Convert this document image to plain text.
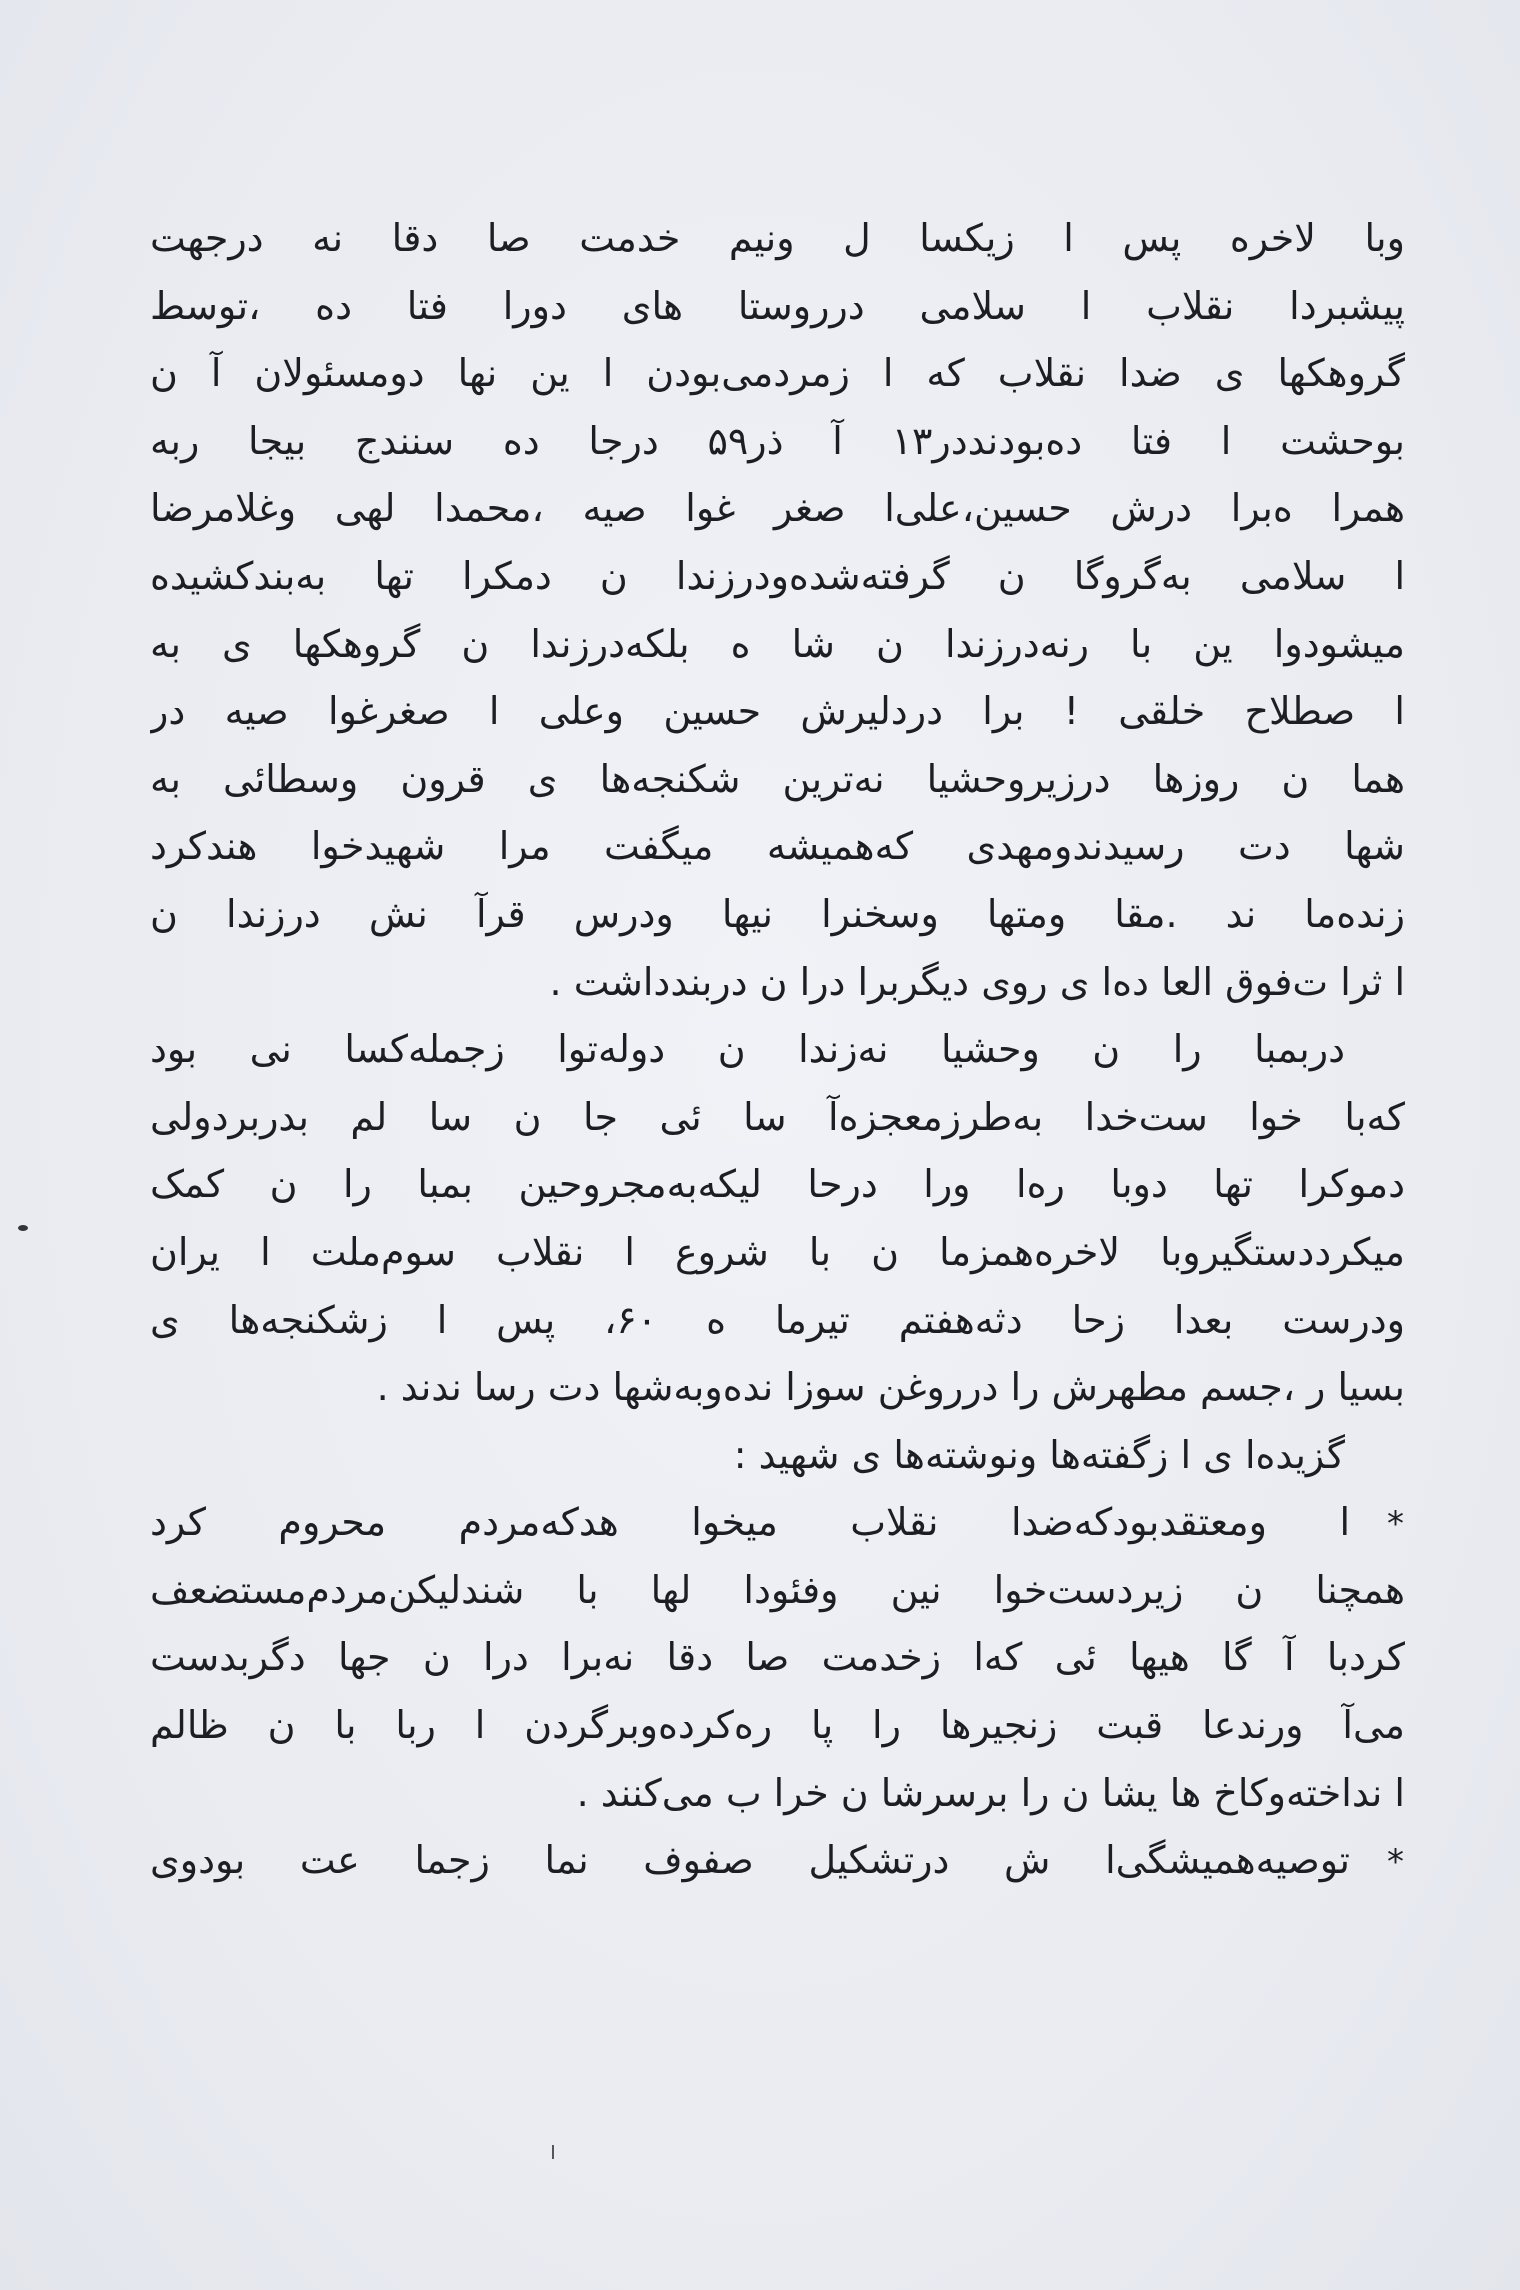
وبا لاخره پس ا زیکسا ل ونیم خدمت صا دقا نه درجهت
پیشبردا نقلاب ا سلامی درروستا های دورا فتا ده ،توسط
گروهکها ی ضدا نقلاب که ا زمردمی‌بودن ا ین نها دومسئولان آ ن
بوحشت ا فتا ده‌بودنددر۱۳ آ ذر۵۹ درجا ده سنندج بیجا ربه
همرا ه‌برا درش حسین،علی‌ا صغر غوا صیه ،محمدا لهی وغلامرضا
ا سلامی به‌گروگا ن گرفته‌شده‌ودرزندا ن دمکرا تها به‌بندکشیده
میشودوا ین با رنه‌درزندا ن شا ه بلکه‌درزندا ن گروهکها ی به
ا صطلاح خلقی ! برا دردلیرش حسین وعلی ا صغرغوا صیه در
هما ن روزها درزیروحشیا نه‌ترین شکنجه‌ها ی قرون وسطائی به
شها دت رسیدندومهدی که‌همیشه میگفت مرا شهیدخوا هندکرد
زنده‌ما ند .مقا ومتها وسخنرا نیها ودرس قرآ نش درزندا ن
ا ثرا ت‌فوق العا ده‌ا ی روی دیگربرا درا ن دربندداشت .
دربمبا را ن وحشیا نه‌زندا ن دوله‌توا زجمله‌کسا نی بود
که‌با خوا ست‌خدا به‌طرزمعجزه‌آ سا ئی جا ن سا لم بدربردولی
دموکرا تها دوبا ره‌ا ورا درحا لیکه‌به‌مجروحین بمبا را ن کمک
میکرددستگیروبا لاخره‌همزما ن با شروع ا نقلاب سوم‌ملت ا یران
ودرست بعدا زحا دثه‌هفتم تیرما ه ۶۰، پس ا زشکنجه‌ها ی
بسیا ر ،جسم مطهرش را درروغن سوزا نده‌وبه‌شها دت رسا ندند .
گزیده‌ا ی ا زگفته‌ها ونوشته‌ها ی شهید :
*ا ومعتقدبودکه‌ضدا نقلاب میخوا هدکه‌مردم محروم کرد
همچنا ن زیردست‌خوا نین وفئودا لها با شندلیکن‌مردم‌مستضعف
کردبا آ گا هیها ئی که‌ا زخدمت صا دقا نه‌برا درا ن جها دگربدست
می‌آ ورندعا قبت زنجیرها را پا ره‌کرده‌وبرگردن ا ربا با ن ظالم
ا نداخته‌وکاخ ها یشا ن را برسرشا ن خرا ب می‌کنند .
*توصیه‌همیشگی‌ا ش درتشکیل صفوف نما زجما عت بودوی
